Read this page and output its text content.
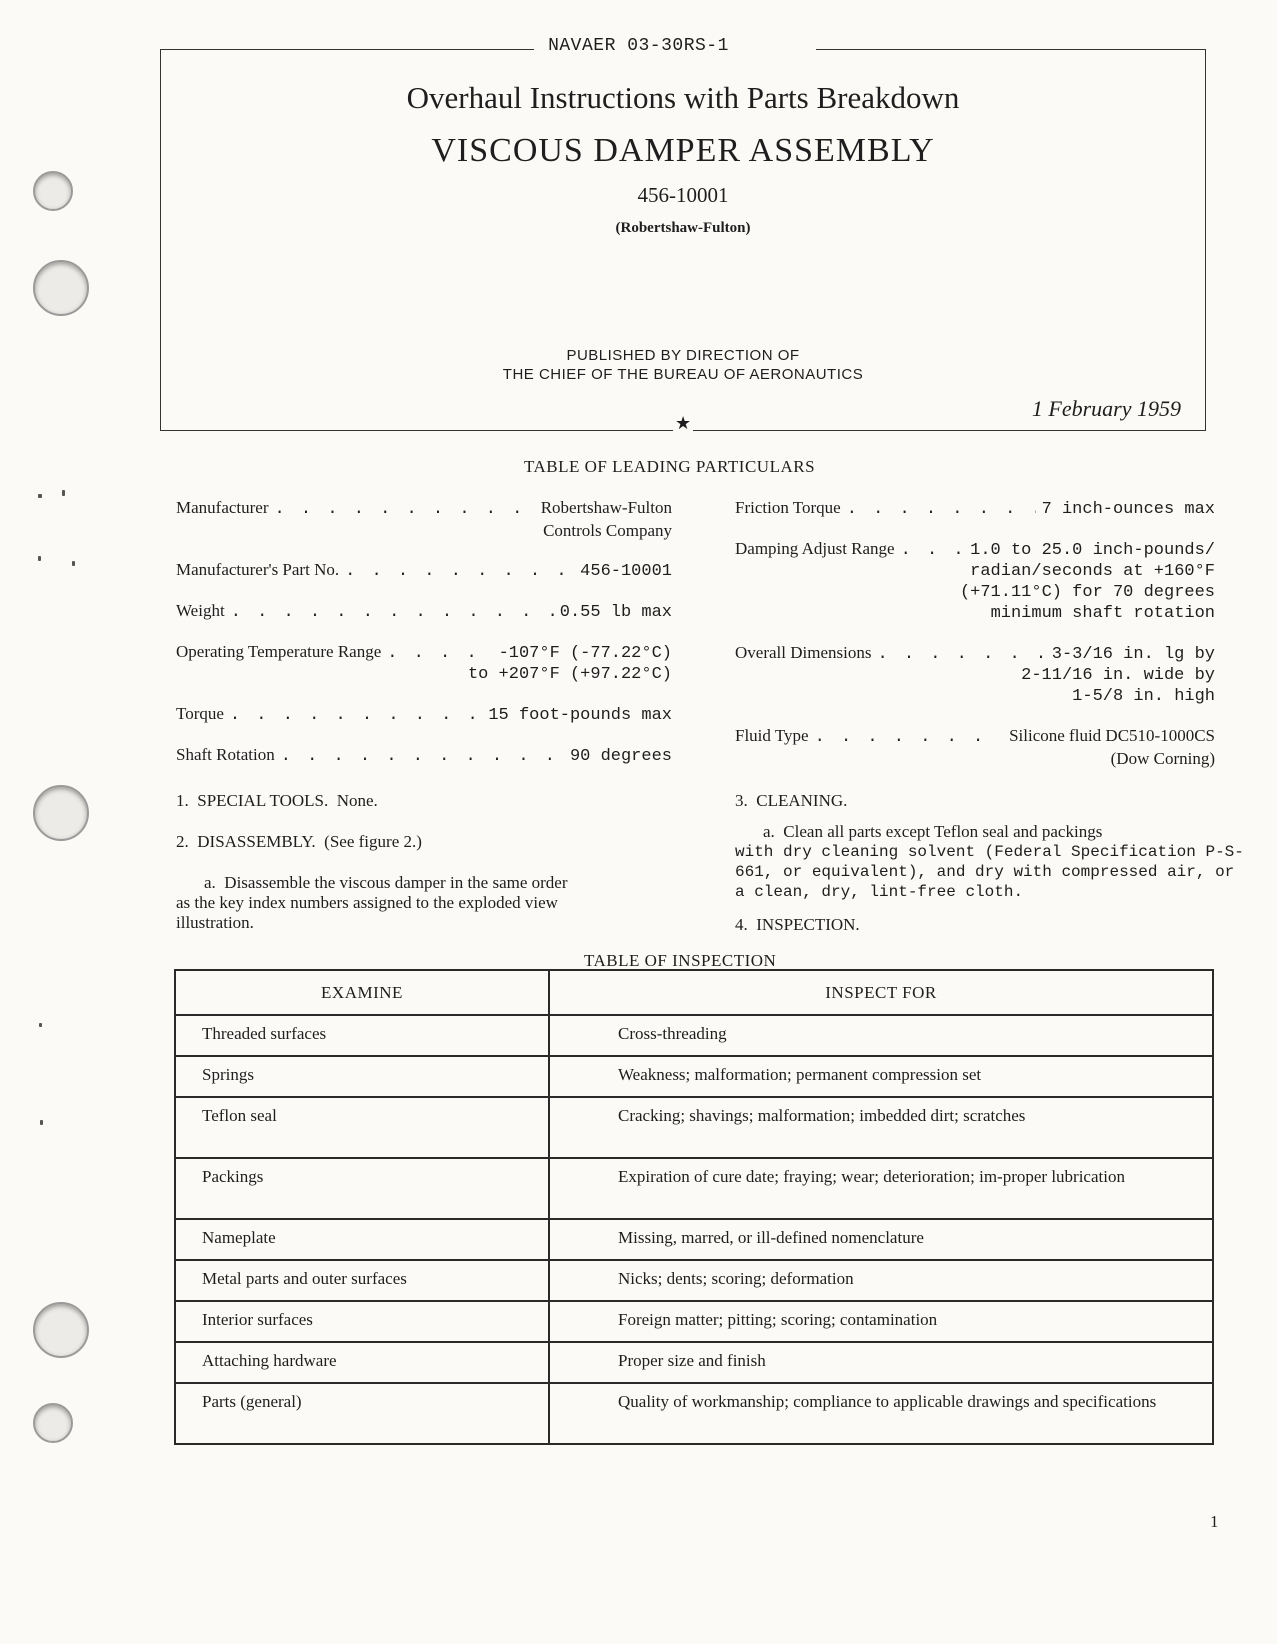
NAVAER 03-30RS-1
Overhaul Instructions with Parts Breakdown
VISCOUS DAMPER ASSEMBLY
456-10001
(Robertshaw-Fulton)
PUBLISHED BY DIRECTION OF
THE CHIEF OF THE BUREAU OF AERONAUTICS
1 February 1959
★
TABLE OF LEADING PARTICULARS
Manufacturer . . .	Robertshaw-Fulton
Controls Company
Manufacturer's Part No. . . .	456-10001
Weight . . .	0.55 lb max
Operating Temperature Range . . .	-107°F (-77.22°C)
to +207°F (+97.22°C)
Torque . . .	15 foot-pounds max
Shaft Rotation . . .	90 degrees
Friction Torque . . .	7 inch-ounces max
Damping Adjust Range . . .	1.0 to 25.0 inch-pounds/
radian/seconds at +160°F
(+71.11°C) for 70 degrees
minimum shaft rotation
Overall Dimensions . . .	3-3/16 in. lg by
2-11/16 in. wide by
1-5/8 in. high
Fluid Type . . .	Silicone fluid DC510-1000CS
(Dow Corning)
1.  SPECIAL TOOLS.  None.
2.  DISASSEMBLY.  (See figure 2.)
a.  Disassemble the viscous damper in the same order
as the key index numbers assigned to the exploded view
illustration.
3.  CLEANING.
a.  Clean all parts except Teflon seal and packings
with dry cleaning solvent (Federal Specification P-S-
661, or equivalent), and dry with compressed air, or
a clean, dry, lint-free cloth.
4.  INSPECTION.
TABLE OF INSPECTION
EXAMINE	INSPECT FOR
Threaded surfaces	Cross-threading
Springs	Weakness; malformation; permanent compression set
Teflon seal	Cracking; shavings; malformation; imbedded dirt; scratches
Packings	Expiration of cure date; fraying; wear; deterioration; im-proper lubrication
Nameplate	Missing, marred, or ill-defined nomenclature
Metal parts and outer surfaces	Nicks; dents; scoring; deformation
Interior surfaces	Foreign matter; pitting; scoring; contamination
Attaching hardware	Proper size and finish
Parts (general)	Quality of workmanship; compliance to applicable drawings and specifications
1
